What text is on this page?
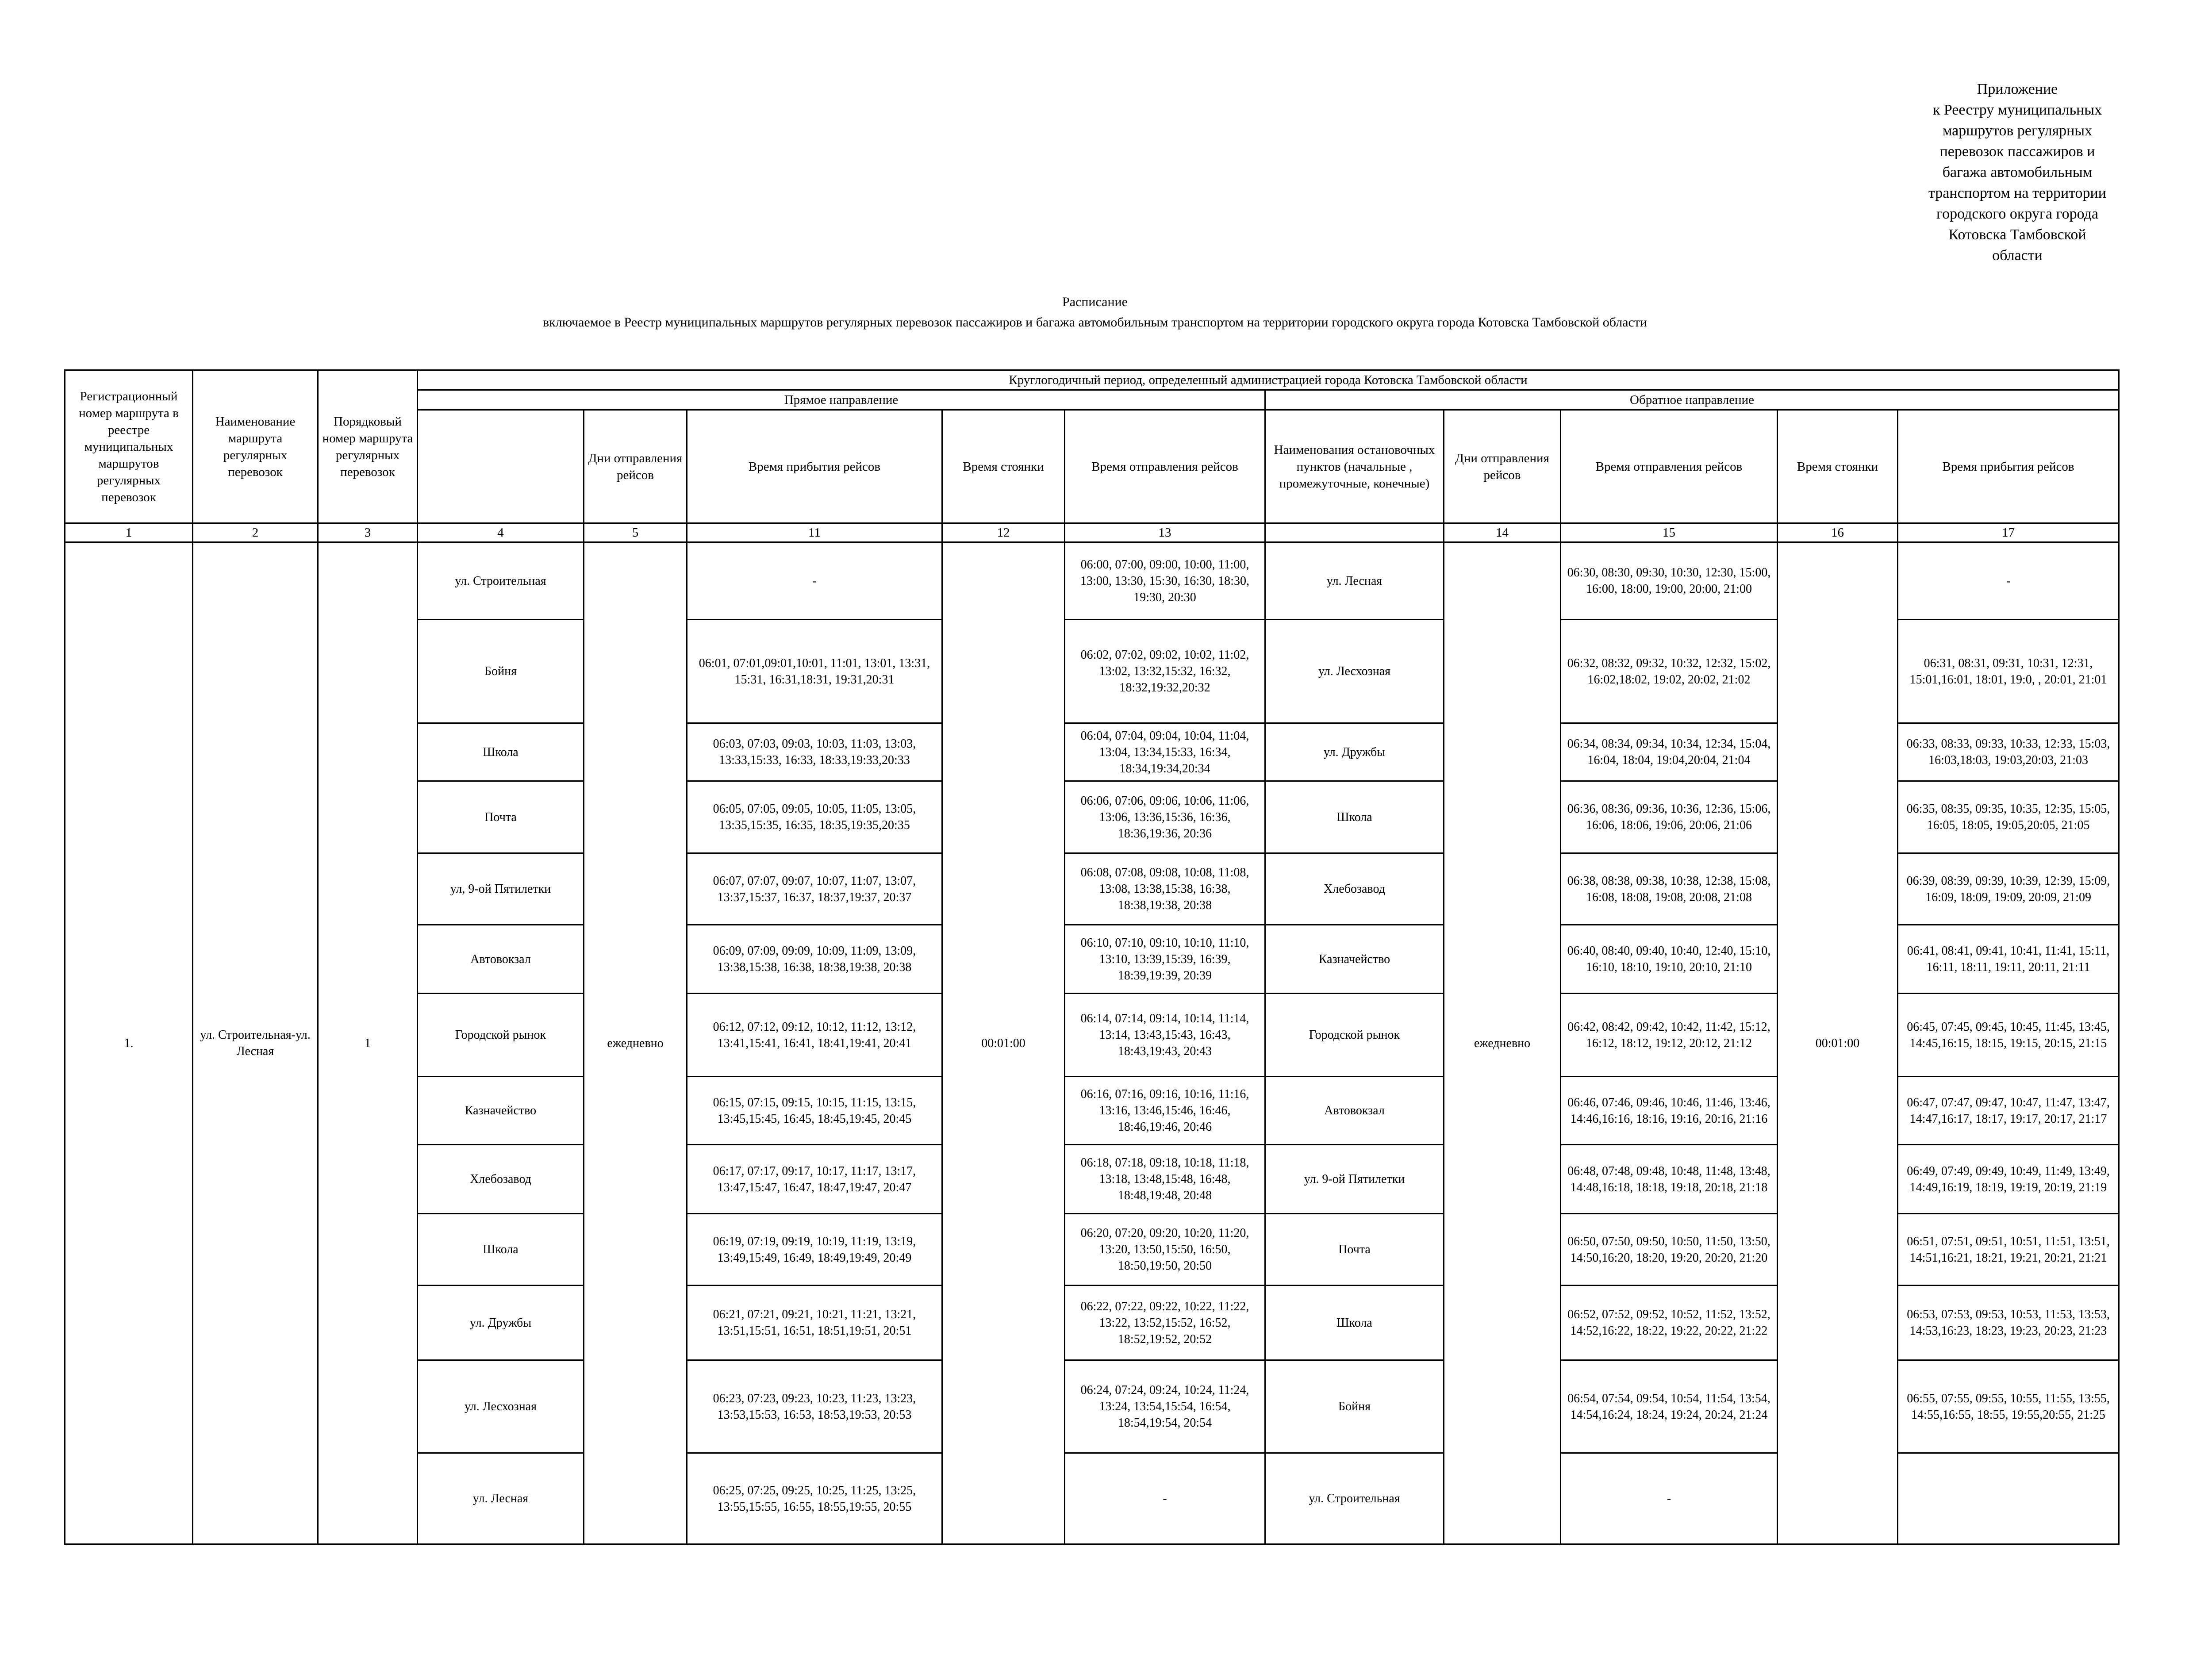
Приложение
к Реестру муниципальных
маршрутов регулярных
перевозок пассажиров и
багажа автомобильным
транспортом на территории
городского округа города
Котовска Тамбовской
области
Расписание
включаемое в Реестр муниципальных маршрутов регулярных перевозок пассажиров и багажа автомобильным транспортом на территории городского округа города Котовска Тамбовской области
Регистрационный номер маршрута в реестре муниципальных маршрутов регулярных перевозок	Наименование маршрута регулярных перевозок	Порядковый номер маршрута регулярных перевозок	Круглогодичный период, определенный администрацией города Котовска Тамбовской области									
			Прямое направление					Обратное направление				
				Дни отправления рейсов	Время прибытия рейсов	Время стоянки	Время отправления рейсов	Наименования остановочных пунктов (начальные , промежуточные, конечные)	Дни отправления рейсов	Время отправления рейсов	Время стоянки	Время прибытия рейсов
1	2	3	4	5	11	12	13		14	15	16	17
1.	ул. Строительная-ул. Лесная	1	ул. Строительная	ежедневно	-	00:01:00	06:00, 07:00, 09:00, 10:00, 11:00, 13:00, 13:30, 15:30, 16:30, 18:30, 19:30, 20:30	ул. Лесная	ежедневно	06:30, 08:30, 09:30, 10:30, 12:30, 15:00, 16:00, 18:00, 19:00, 20:00, 21:00	00:01:00	-
			Бойня		06:01, 07:01,09:01,10:01, 11:01, 13:01, 13:31, 15:31, 16:31,18:31, 19:31,20:31		06:02, 07:02, 09:02, 10:02, 11:02, 13:02, 13:32,15:32, 16:32, 18:32,19:32,20:32	ул. Лесхозная		06:32, 08:32, 09:32, 10:32, 12:32, 15:02, 16:02,18:02, 19:02, 20:02, 21:02		06:31, 08:31, 09:31, 10:31, 12:31, 15:01,16:01, 18:01, 19:0, , 20:01, 21:01
			Школа		06:03, 07:03, 09:03, 10:03, 11:03, 13:03, 13:33,15:33, 16:33, 18:33,19:33,20:33		06:04, 07:04, 09:04, 10:04, 11:04, 13:04, 13:34,15:33, 16:34, 18:34,19:34,20:34	ул. Дружбы		06:34, 08:34, 09:34, 10:34, 12:34, 15:04, 16:04, 18:04, 19:04,20:04, 21:04		06:33, 08:33, 09:33, 10:33, 12:33, 15:03, 16:03,18:03, 19:03,20:03, 21:03
			Почта		06:05, 07:05, 09:05, 10:05, 11:05, 13:05, 13:35,15:35, 16:35, 18:35,19:35,20:35		06:06, 07:06, 09:06, 10:06, 11:06, 13:06, 13:36,15:36, 16:36, 18:36,19:36, 20:36	Школа		06:36, 08:36, 09:36, 10:36, 12:36, 15:06, 16:06, 18:06, 19:06, 20:06, 21:06		06:35, 08:35, 09:35, 10:35, 12:35, 15:05, 16:05, 18:05, 19:05,20:05, 21:05
			ул, 9-ой Пятилетки		06:07, 07:07, 09:07, 10:07, 11:07, 13:07, 13:37,15:37, 16:37, 18:37,19:37, 20:37		06:08, 07:08, 09:08, 10:08, 11:08, 13:08, 13:38,15:38, 16:38, 18:38,19:38, 20:38	Хлебозавод		06:38, 08:38, 09:38, 10:38, 12:38, 15:08, 16:08, 18:08, 19:08, 20:08, 21:08		06:39, 08:39, 09:39, 10:39, 12:39, 15:09, 16:09, 18:09, 19:09, 20:09, 21:09
			Автовокзал		06:09, 07:09, 09:09, 10:09, 11:09, 13:09, 13:38,15:38, 16:38, 18:38,19:38, 20:38		06:10, 07:10, 09:10, 10:10, 11:10, 13:10, 13:39,15:39, 16:39, 18:39,19:39, 20:39	Казначейство		06:40, 08:40, 09:40, 10:40, 12:40, 15:10, 16:10, 18:10, 19:10, 20:10, 21:10		06:41, 08:41, 09:41, 10:41, 11:41, 15:11, 16:11, 18:11, 19:11, 20:11, 21:11
			Городской рынок		06:12, 07:12, 09:12, 10:12, 11:12, 13:12, 13:41,15:41, 16:41, 18:41,19:41, 20:41		06:14, 07:14, 09:14, 10:14, 11:14, 13:14, 13:43,15:43, 16:43, 18:43,19:43, 20:43	Городской рынок		06:42, 08:42, 09:42, 10:42, 11:42, 15:12, 16:12, 18:12, 19:12, 20:12, 21:12		06:45, 07:45, 09:45, 10:45, 11:45, 13:45, 14:45,16:15, 18:15, 19:15, 20:15, 21:15
			Казначейство		06:15, 07:15, 09:15, 10:15, 11:15, 13:15, 13:45,15:45, 16:45, 18:45,19:45, 20:45		06:16, 07:16, 09:16, 10:16, 11:16, 13:16, 13:46,15:46, 16:46, 18:46,19:46, 20:46	Автовокзал		06:46, 07:46, 09:46, 10:46, 11:46, 13:46, 14:46,16:16, 18:16, 19:16, 20:16, 21:16		06:47, 07:47, 09:47, 10:47, 11:47, 13:47, 14:47,16:17, 18:17, 19:17, 20:17, 21:17
			Хлебозавод		06:17, 07:17, 09:17, 10:17, 11:17, 13:17, 13:47,15:47, 16:47, 18:47,19:47, 20:47		06:18, 07:18, 09:18, 10:18, 11:18, 13:18, 13:48,15:48, 16:48, 18:48,19:48, 20:48	ул. 9-ой Пятилетки		06:48, 07:48, 09:48, 10:48, 11:48, 13:48, 14:48,16:18, 18:18, 19:18, 20:18, 21:18		06:49, 07:49, 09:49, 10:49, 11:49, 13:49, 14:49,16:19, 18:19, 19:19, 20:19, 21:19
			Школа		06:19, 07:19, 09:19, 10:19, 11:19, 13:19, 13:49,15:49, 16:49, 18:49,19:49, 20:49		06:20, 07:20, 09:20, 10:20, 11:20, 13:20, 13:50,15:50, 16:50, 18:50,19:50, 20:50	Почта		06:50, 07:50, 09:50, 10:50, 11:50, 13:50, 14:50,16:20, 18:20, 19:20, 20:20, 21:20		06:51, 07:51, 09:51, 10:51, 11:51, 13:51, 14:51,16:21, 18:21, 19:21, 20:21, 21:21
			ул. Дружбы		06:21, 07:21, 09:21, 10:21, 11:21, 13:21, 13:51,15:51, 16:51, 18:51,19:51, 20:51		06:22, 07:22, 09:22, 10:22, 11:22, 13:22, 13:52,15:52, 16:52, 18:52,19:52, 20:52	Школа		06:52, 07:52, 09:52, 10:52, 11:52, 13:52, 14:52,16:22, 18:22, 19:22, 20:22, 21:22		06:53, 07:53, 09:53, 10:53, 11:53, 13:53, 14:53,16:23, 18:23, 19:23, 20:23, 21:23
			ул. Лесхозная		06:23, 07:23, 09:23, 10:23, 11:23, 13:23, 13:53,15:53, 16:53, 18:53,19:53, 20:53		06:24, 07:24, 09:24, 10:24, 11:24, 13:24, 13:54,15:54, 16:54, 18:54,19:54, 20:54	Бойня		06:54, 07:54, 09:54, 10:54, 11:54, 13:54, 14:54,16:24, 18:24, 19:24, 20:24, 21:24		06:55, 07:55, 09:55, 10:55, 11:55, 13:55, 14:55,16:55, 18:55, 19:55,20:55, 21:25
			ул. Лесная		06:25, 07:25, 09:25, 10:25, 11:25, 13:25, 13:55,15:55, 16:55, 18:55,19:55, 20:55		-	ул. Строительная		-		
